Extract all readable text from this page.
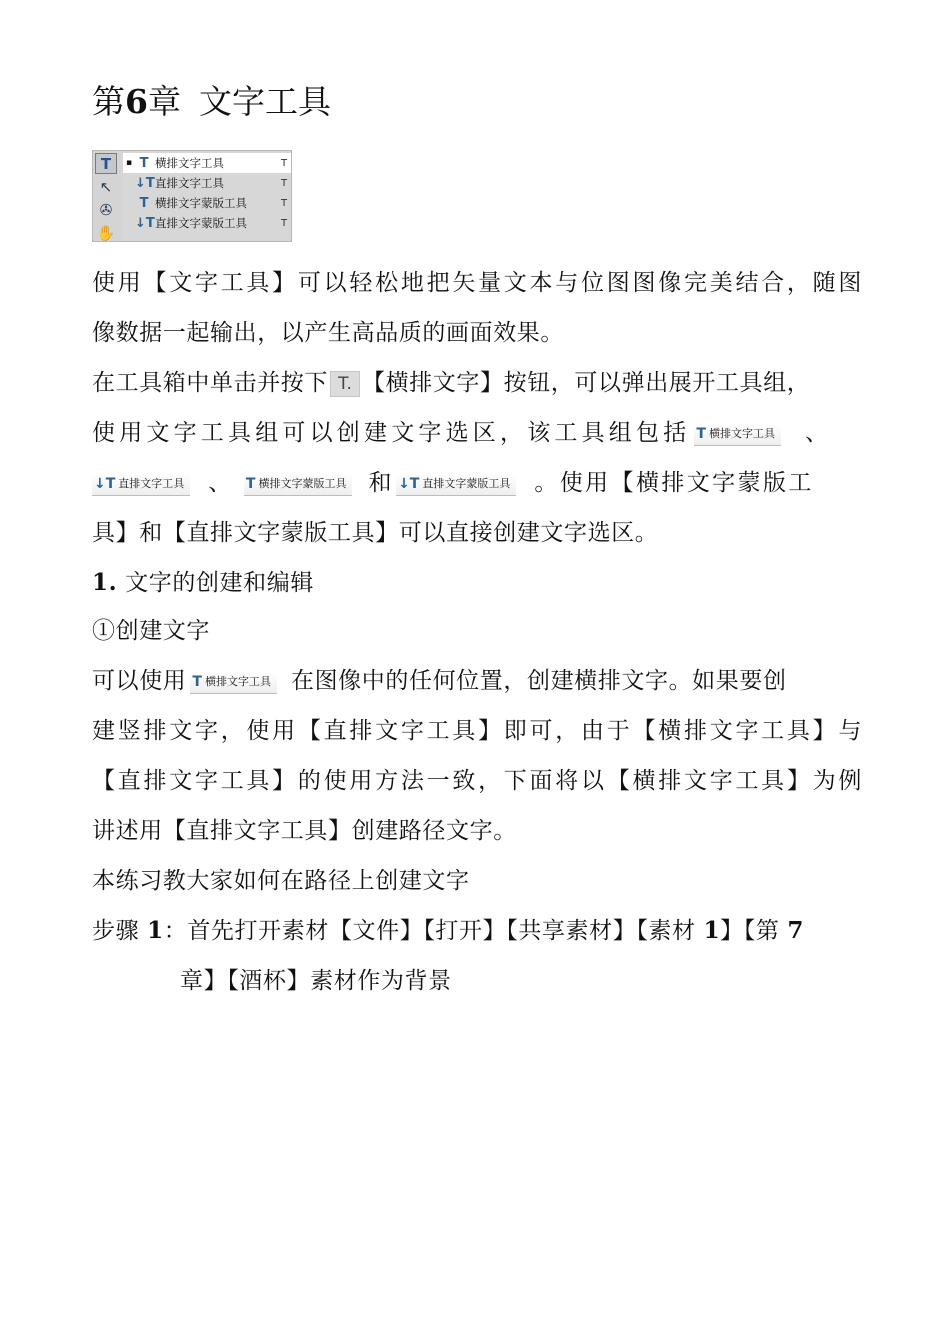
第6章 文字工具
T
↖
✇
✋
▪ T 横排文字工具	T
↓T 直排文字工具	T
T 横排文字蒙版工具	T
↓T 直排文字蒙版工具	T
使用【文字工具】可以轻松地把矢量文本与位图图像完美结合，随图
像数据一起输出，以产生高品质的画面效果。
在工具箱中单击并按下 T. 【横排文字】按钮，可以弹出展开工具组，
使用文字工具组可以创建文字选区，该工具组包括 T 横排文字工具 、
↓T 直排文字工具 、 T 横排文字蒙版工具 和 ↓T 直排文字蒙版工具 。使用【横排文字蒙版工
具】和【直排文字蒙版工具】可以直接创建文字选区。
1. 文字的创建和编辑
①创建文字
可以使用 T 横排文字工具 在图像中的任何位置，创建横排文字。如果要创
建竖排文字，使用【直排文字工具】即可，由于【横排文字工具】与
【直排文字工具】的使用方法一致，下面将以【横排文字工具】为例
讲述用【直排文字工具】创建路径文字。
本练习教大家如何在路径上创建文字
步骤 1：首先打开素材【文件】【打开】【共享素材】【素材 1】【第 7
章】【酒杯】素材作为背景
